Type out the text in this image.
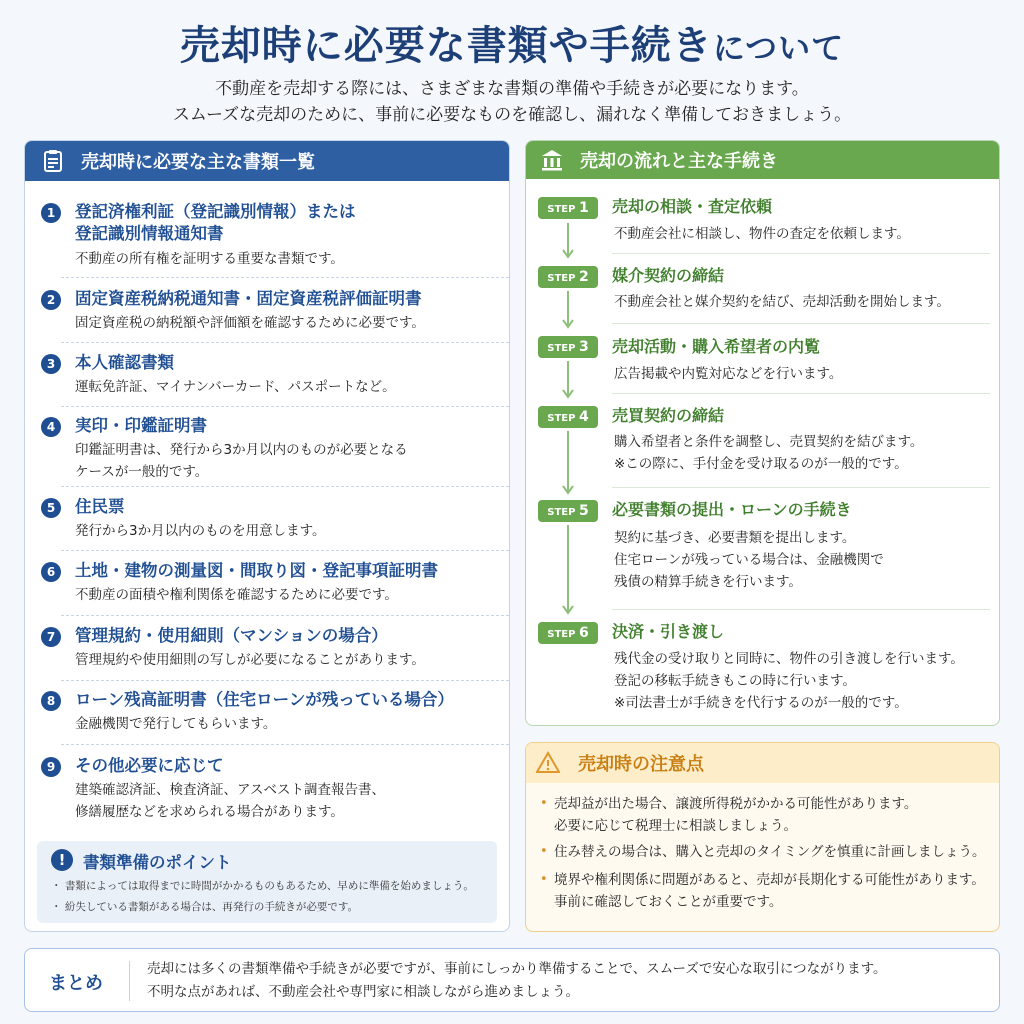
売却時に必要な書類や手続きについて
不動産を売却する際には、さまざまな書類の準備や手続きが必要になります。
スムーズな売却のために、事前に必要なものを確認し、漏れなく準備しておきましょう。
売却時に必要な主な書類一覧
1	登記済権利証（登記識別情報）または
登記識別情報通知書
不動産の所有権を証明する重要な書類です。
2	固定資産税納税通知書・固定資産税評価証明書
固定資産税の納税額や評価額を確認するために必要です。
3	本人確認書類
運転免許証、マイナンバーカード、パスポートなど。
4	実印・印鑑証明書
印鑑証明書は、発行から3か月以内のものが必要となる
ケースが一般的です。
5	住民票
発行から3か月以内のものを用意します。
6	土地・建物の測量図・間取り図・登記事項証明書
不動産の面積や権利関係を確認するために必要です。
7	管理規約・使用細則（マンションの場合）
管理規約や使用細則の写しが必要になることがあります。
8	ローン残高証明書（住宅ローンが残っている場合）
金融機関で発行してもらいます。
9	その他必要に応じて
建築確認済証、検査済証、アスベスト調査報告書、
修繕履歴などを求められる場合があります。
!	書類準備のポイント
・ 書類によっては取得までに時間がかかるものもあるため、早めに準備を始めましょう。
・ 紛失している書類がある場合は、再発行の手続きが必要です。
売却の流れと主な手続き
STEP 1	売却の相談・査定依頼
不動産会社に相談し、物件の査定を依頼します。
STEP 2	媒介契約の締結
不動産会社と媒介契約を結び、売却活動を開始します。
STEP 3	売却活動・購入希望者の内覧
広告掲載や内覧対応などを行います。
STEP 4	売買契約の締結
購入希望者と条件を調整し、売買契約を結びます。
※この際に、手付金を受け取るのが一般的です。
STEP 5	必要書類の提出・ローンの手続き
契約に基づき、必要書類を提出します。
住宅ローンが残っている場合は、金融機関で
残債の精算手続きを行います。
STEP 6	決済・引き渡し
残代金の受け取りと同時に、物件の引き渡しを行います。
登記の移転手続きもこの時に行います。
※司法書士が手続きを代行するのが一般的です。
売却時の注意点
• 売却益が出た場合、譲渡所得税がかかる可能性があります。
必要に応じて税理士に相談しましょう。
• 住み替えの場合は、購入と売却のタイミングを慎重に計画しましょう。
• 境界や権利関係に問題があると、売却が長期化する可能性があります。
事前に確認しておくことが重要です。
まとめ
売却には多くの書類準備や手続きが必要ですが、事前にしっかり準備することで、スムーズで安心な取引につながります。
不明な点があれば、不動産会社や専門家に相談しながら進めましょう。
